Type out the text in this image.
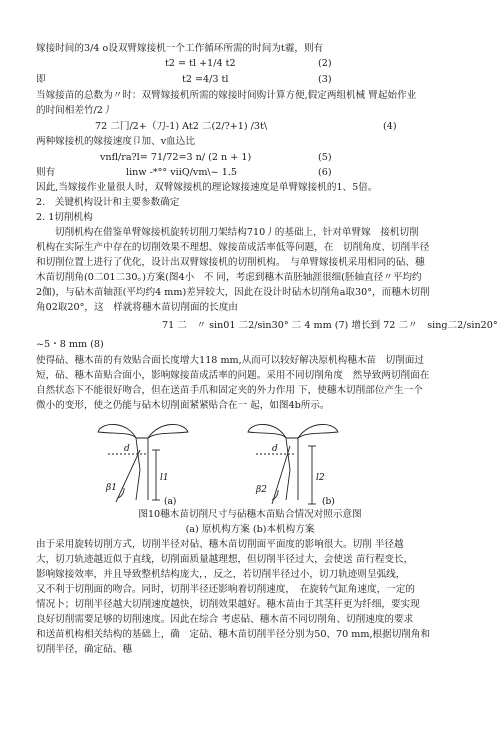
嫁接时间的3/4 o设双臂嫁接机一个工作循环所需的时间为t霾，则有
t2 = tl +1/4 t2	(2)
即	t2 =4/3 tl	(3)
当嫁接苗的总数为〃时：双臂嫁接机所需的嫁接时间购计算方便,假定两组机械 臂起始作业
的时间相差竹/2丿
72 二冂/2+（刀-1) At2 二(2/?+1) /3t\	(4)
两种嫁接机的嫁接速度卩加、v血込比
vnfl/ra?l= 71/72=3 n/ (2 n + 1)	(5)
则有	linw -*°° viiQ/vm\~ 1.5	(6)
因此,当嫁接作业量很人时，双臂嫁接机的理论嫁接速度是单臂嫁接机的1、5倍。
2.　关键机构设计和主要参数确定
2. 1切削机构
切削机构在借鉴单臂嫁接机旋转切削刀架结构710丿的基础上，针对单臂嫁　接机切削
机构在实际生产中存在的切削效果不理想、嫁接苗成活率低等问题，在　切削角度、切削半径
和切削位置上进行了优化，设计出双臂嫁接机的切削机构。　与单臂嫁接机采用相同的砧、穗
木苗切削角(0二01二30。)方案(图4小　不 同，考虑到穗木苗胚轴涯很细(胚轴直径〃平均约
2伽)，与砧木苗轴涯(平均约4 mm)差异较大，因此在设计时砧木切削角a取30°，而穗木切削
角02取20°，这　样就将穗木苗切削面的长度由
71 二　〃 sin01 二2/sin30° 二 4 mm (7) 增长到 72 二〃　sing二2/sin20°
~5・8 mm (8)
使得砧、穗木苗的有效贴合面长度增大118 mm,从而可以较好解决原机构穗木苗　切削面过
短，砧、穗木苗贴合面小，影响嫁接苗成活率的问题。采用不同切削角度　然导致两切削面在
自然状态下不能很好吻合，但在送苗手爪和固定夹的外力作用 下，使穗木切削部位产生一个
微小的变形，使之仍能与砧木切削面紧紧贴合在一 起，如图4b所示。
d
β1
l1
(a)
d
β2
l2
(b)
图10穗木苗切削尺寸与砧穗木苗贴合情况对照示意图
(a) 原机构方案 (b)本机构方案
由于采用旋转切削方式，切削半径对砧、穗木苗切削面平面度的影响很大。切削 半径越
大，切刀轨迹越近似于直线，切削面质量越理想，但切削半径过大，会使送 苗行程变长，
影响嫁接效率，并且导致整机结构庞大，，反之，若切削半径过小，切刀轨迹则呈弧线，
又不利于切削面的吻合。同时，切削半径还影响着切削速度，　在旋转气缸角速度，一定的
情况卜；切削半径越大切削速度越快，切削效果越好。穗木苗由于其茎秆更为纤细，要实现
良好切削需要足够的切削速度。因此在综合 考虑砧、穗木苗不同切削角、切削速度的要求
和送苗机构相关结构的基础上，确　定砧、穗木苗切削半径分别为50、70 mm,根据切削角和
切削半径，确定砧、穗
